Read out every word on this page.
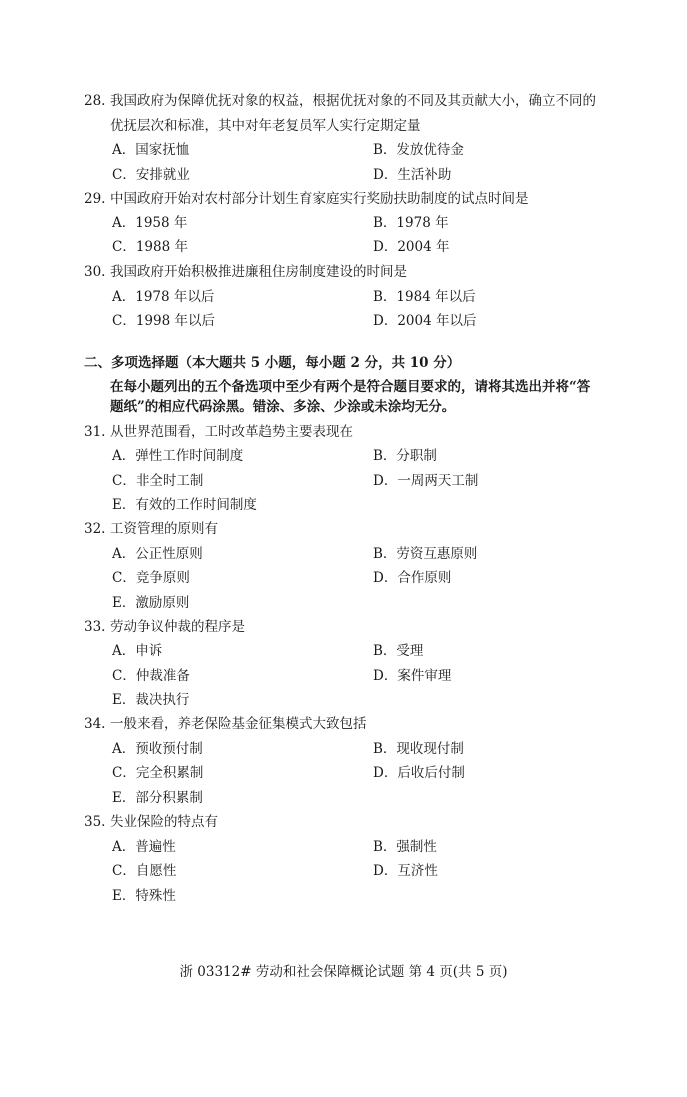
28. 我国政府为保障优抚对象的权益，根据优抚对象的不同及其贡献大小，确立不同的
优抚层次和标准，其中对年老复员军人实行定期定量
A．国家抚恤	B．发放优待金
C．安排就业	D．生活补助
29. 中国政府开始对农村部分计划生育家庭实行奖励扶助制度的试点时间是
A．1958 年	B．1978 年
C．1988 年	D．2004 年
30. 我国政府开始积极推进廉租住房制度建设的时间是
A．1978 年以后	B．1984 年以后
C．1998 年以后	D．2004 年以后
二、多项选择题（本大题共 5 小题，每小题 2 分，共 10 分）
在每小题列出的五个备选项中至少有两个是符合题目要求的，请将其选出并将“答
题纸”的相应代码涂黑。错涂、多涂、少涂或未涂均无分。
31. 从世界范围看，工时改革趋势主要表现在
A．弹性工作时间制度	B．分职制
C．非全时工制	D．一周两天工制
E．有效的工作时间制度
32. 工资管理的原则有
A．公正性原则	B．劳资互惠原则
C．竞争原则	D．合作原则
E．激励原则
33. 劳动争议仲裁的程序是
A．申诉	B．受理
C．仲裁准备	D．案件审理
E．裁决执行
34. 一般来看，养老保险基金征集模式大致包括
A．预收预付制	B．现收现付制
C．完全积累制	D．后收后付制
E．部分积累制
35. 失业保险的特点有
A．普遍性	B．强制性
C．自愿性	D．互济性
E．特殊性
浙 03312# 劳动和社会保障概论试题 第 4 页(共 5 页)
